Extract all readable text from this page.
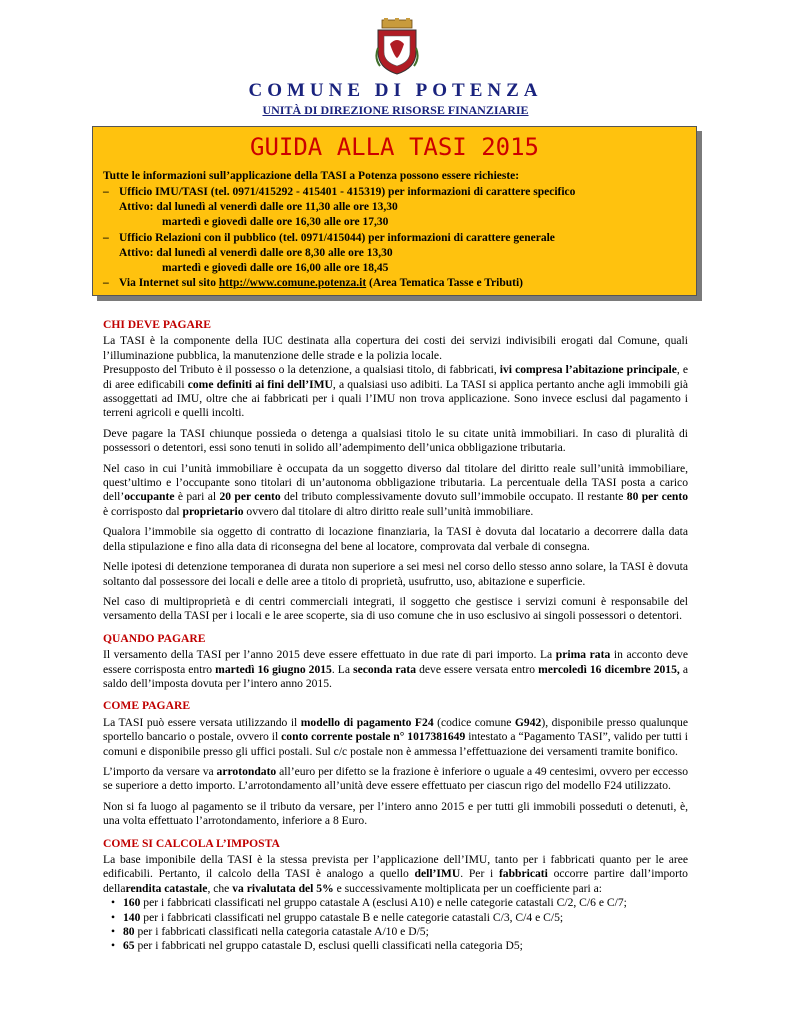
COMUNE DI POTENZA
UNITÀ DI DIREZIONE RISORSE FINANZIARIE
GUIDA ALLA TASI 2015
Tutte le informazioni sull’applicazione della TASI a Potenza possono essere richieste:
– Ufficio IMU/TASI (tel. 0971/415292 - 415401 - 415319) per informazioni di carattere specifico
Attivo: dal lunedì al venerdì dalle ore 11,30 alle ore 13,30
martedì e giovedì dalle ore 16,30 alle ore 17,30
– Ufficio Relazioni con il pubblico (tel. 0971/415044) per informazioni di carattere generale
Attivo: dal lunedì al venerdì dalle ore 8,30 alle ore 13,30
martedì e giovedì dalle ore 16,00 alle ore 18,45
– Via Internet sul sito http://www.comune.potenza.it (Area Tematica Tasse e Tributi)
CHI DEVE PAGARE

La TASI è la componente della IUC destinata alla copertura dei costi dei servizi indivisibili erogati dal Comune, quali l’illuminazione pubblica, la manutenzione delle strade e la polizia locale.

Presupposto del Tributo è il possesso o la detenzione, a qualsiasi titolo, di fabbricati, ivi compresa l’abitazione principale, e di aree edificabili come definiti ai fini dell’IMU, a qualsiasi uso adibiti. La TASI si applica pertanto anche agli immobili già assoggettati ad IMU, oltre che ai fabbricati per i quali l’IMU non trova applicazione. Sono invece esclusi dal pagamento i terreni agricoli e quelli incolti.

Deve pagare la TASI chiunque possieda o detenga a qualsiasi titolo le su citate unità immobiliari. In caso di pluralità di possessori o detentori, essi sono tenuti in solido all’adempimento dell’unica obbligazione tributaria.

Nel caso in cui l’unità immobiliare è occupata da un soggetto diverso dal titolare del diritto reale sull’unità immobiliare, quest’ultimo e l’occupante sono titolari di un’autonoma obbligazione tributaria. La percentuale della TASI posta a carico dell’occupante è pari al 20 per cento del tributo complessivamente dovuto sull’immobile occupato. Il restante 80 per cento è corrisposto dal proprietario ovvero dal titolare di altro diritto reale sull’unità immobiliare.

Qualora l’immobile sia oggetto di contratto di locazione finanziaria, la TASI è dovuta dal locatario a decorrere dalla data della stipulazione e fino alla data di riconsegna del bene al locatore, comprovata dal verbale di consegna.

Nelle ipotesi di detenzione temporanea di durata non superiore a sei mesi nel corso dello stesso anno solare, la TASI è dovuta soltanto dal possessore dei locali e delle aree a titolo di proprietà, usufrutto, uso, abitazione e superficie.

Nel caso di multiproprietà e di centri commerciali integrati, il soggetto che gestisce i servizi comuni è responsabile del versamento della TASI per i locali e le aree scoperte, sia di uso comune che in uso esclusivo ai singoli possessori o detentori.

QUANDO PAGARE

Il versamento della TASI per l’anno 2015 deve essere effettuato in due rate di pari importo. La prima rata in acconto deve essere corrisposta entro martedì 16 giugno 2015. La seconda rata deve essere versata entro mercoledì 16 dicembre 2015, a saldo dell’imposta dovuta per l’intero anno 2015.

COME PAGARE

La TASI può essere versata utilizzando il modello di pagamento F24 (codice comune G942), disponibile presso qualunque sportello bancario o postale, ovvero il conto corrente postale n° 1017381649 intestato a “Pagamento TASI”, valido per tutti i comuni e disponibile presso gli uffici postali. Sul c/c postale non è ammessa l’effettuazione dei versamenti tramite bonifico.

L’importo da versare va arrotondato all’euro per difetto se la frazione è inferiore o uguale a 49 centesimi, ovvero per eccesso se superiore a detto importo. L’arrotondamento all’unità deve essere effettuato per ciascun rigo del modello F24 utilizzato.

Non si fa luogo al pagamento se il tributo da versare, per l’intero anno 2015 e per tutti gli immobili posseduti o detenuti, è, una volta effettuato l’arrotondamento, inferiore a 8 Euro.

COME SI CALCOLA L’IMPOSTA

La base imponibile della TASI è la stessa prevista per l’applicazione dell’IMU, tanto per i fabbricati quanto per le aree edificabili. Pertanto, il calcolo della TASI è analogo a quello dell’IMU. Per i fabbricati occorre partire dall’importo dellarendita catastale, che va rivalutata del 5% e successivamente moltiplicata per un coefficiente pari a:

• 160 per i fabbricati classificati nel gruppo catastale A (esclusi A10) e nelle categorie catastali C/2, C/6 e C/7;
• 140 per i fabbricati classificati nel gruppo catastale B e nelle categorie catastali C/3, C/4 e C/5;
• 80 per i fabbricati classificati nella categoria catastale A/10 e D/5;
• 65 per i fabbricati nel gruppo catastale D, esclusi quelli classificati nella categoria D5;
